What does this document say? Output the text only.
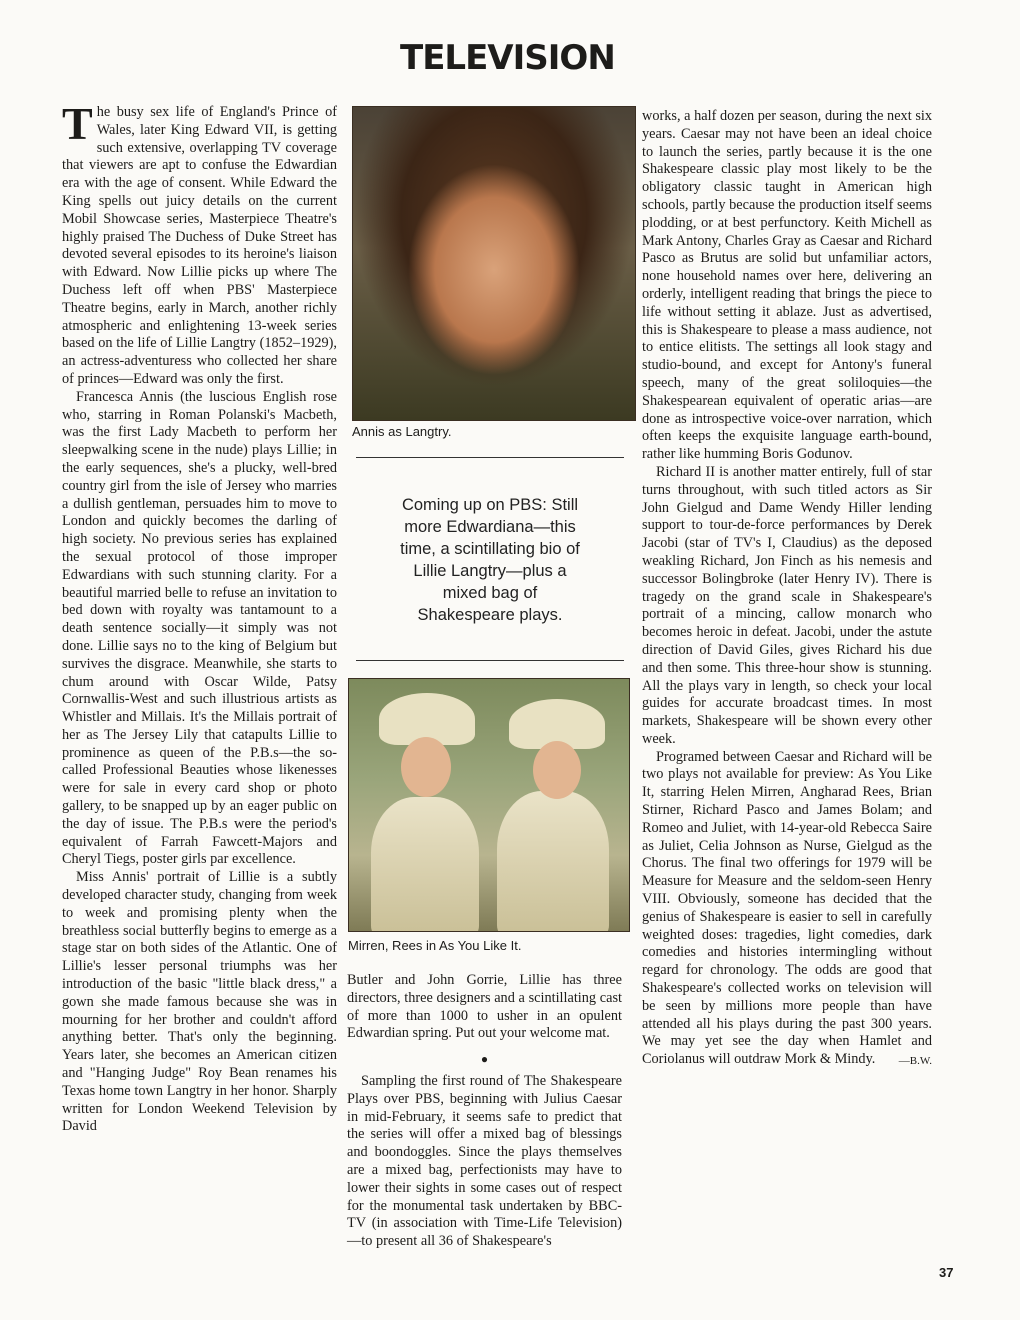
TELEVISION

The busy sex life of England's Prince of Wales, later King Edward VII, is getting such extensive, overlapping TV coverage that viewers are apt to confuse the Edwardian era with the age of consent. While Edward the King spells out juicy details on the current Mobil Showcase series, Masterpiece Theatre's highly praised The Duchess of Duke Street has devoted several episodes to its heroine's liaison with Edward. Now Lillie picks up where The Duchess left off when PBS' Masterpiece Theatre begins, early in March, another richly atmospheric and enlightening 13-week series based on the life of Lillie Langtry (1852–1929), an actress-adventuress who collected her share of princes—Edward was only the first.

Francesca Annis (the luscious English rose who, starring in Roman Polanski's Macbeth, was the first Lady Macbeth to perform her sleepwalking scene in the nude) plays Lillie; in the early sequences, she's a plucky, well-bred country girl from the isle of Jersey who marries a dullish gentleman, persuades him to move to London and quickly becomes the darling of high society. No previous series has explained the sexual protocol of those improper Edwardians with such stunning clarity. For a beautiful married belle to refuse an invitation to bed down with royalty was tantamount to a death sentence socially—it simply was not done. Lillie says no to the king of Belgium but survives the disgrace. Meanwhile, she starts to chum around with Oscar Wilde, Patsy Cornwallis-West and such illustrious artists as Whistler and Millais. It's the Millais portrait of her as The Jersey Lily that catapults Lillie to prominence as queen of the P.B.s—the so-called Professional Beauties whose likenesses were for sale in every card shop or photo gallery, to be snapped up by an eager public on the day of issue. The P.B.s were the period's equivalent of Farrah Fawcett-Majors and Cheryl Tiegs, poster girls par excellence.

Miss Annis' portrait of Lillie is a subtly developed character study, changing from week to week and promising plenty when the breathless social butterfly begins to emerge as a stage star on both sides of the Atlantic. One of Lillie's lesser personal triumphs was her introduction of the basic "little black dress," a gown she made famous because she was in mourning for her brother and couldn't afford anything better. That's only the beginning. Years later, she becomes an American citizen and "Hanging Judge" Roy Bean renames his Texas home town Langtry in her honor. Sharply written for London Weekend Television by David

Annis as Langtry.
Coming up on PBS: Still more Edwardiana—this time, a scintillating bio of Lillie Langtry—plus a mixed bag of Shakespeare plays.
Mirren, Rees in As You Like It.

Butler and John Gorrie, Lillie has three directors, three designers and a scintillating cast of more than 1000 to usher in an opulent Edwardian spring. Put out your welcome mat.

●

Sampling the first round of The Shakespeare Plays over PBS, beginning with Julius Caesar in mid-February, it seems safe to predict that the series will offer a mixed bag of blessings and boondoggles. Since the plays themselves are a mixed bag, perfectionists may have to lower their sights in some cases out of respect for the monumental task undertaken by BBC-TV (in association with Time-Life Television)—to present all 36 of Shakespeare's

works, a half dozen per season, during the next six years. Caesar may not have been an ideal choice to launch the series, partly because it is the one Shakespeare classic play most likely to be the obligatory classic taught in American high schools, partly because the production itself seems plodding, or at best perfunctory. Keith Michell as Mark Antony, Charles Gray as Caesar and Richard Pasco as Brutus are solid but unfamiliar actors, none household names over here, delivering an orderly, intelligent reading that brings the piece to life without setting it ablaze. Just as advertised, this is Shakespeare to please a mass audience, not to entice elitists. The settings all look stagy and studio-bound, and except for Antony's funeral speech, many of the great soliloquies—the Shakespearean equivalent of operatic arias—are done as introspective voice-over narration, which often keeps the exquisite language earth-bound, rather like humming Boris Godunov.

Richard II is another matter entirely, full of star turns throughout, with such titled actors as Sir John Gielgud and Dame Wendy Hiller lending support to tour-de-force performances by Derek Jacobi (star of TV's I, Claudius) as the deposed weakling Richard, Jon Finch as his nemesis and successor Bolingbroke (later Henry IV). There is tragedy on the grand scale in Shakespeare's portrait of a mincing, callow monarch who becomes heroic in defeat. Jacobi, under the astute direction of David Giles, gives Richard his due and then some. This three-hour show is stunning. All the plays vary in length, so check your local guides for accurate broadcast times. In most markets, Shakespeare will be shown every other week.

Programed between Caesar and Richard will be two plays not available for preview: As You Like It, starring Helen Mirren, Angharad Rees, Brian Stirner, Richard Pasco and James Bolam; and Romeo and Juliet, with 14-year-old Rebecca Saire as Juliet, Celia Johnson as Nurse, Gielgud as the Chorus. The final two offerings for 1979 will be Measure for Measure and the seldom-seen Henry VIII. Obviously, someone has decided that the genius of Shakespeare is easier to sell in carefully weighted doses: tragedies, light comedies, dark comedies and histories intermingling without regard for chronology. The odds are good that Shakespeare's collected works on television will be seen by millions more people than have attended all his plays during the past 300 years. We may yet see the day when Hamlet and Coriolanus will outdraw Mork & Mindy.	—B.W.

37
